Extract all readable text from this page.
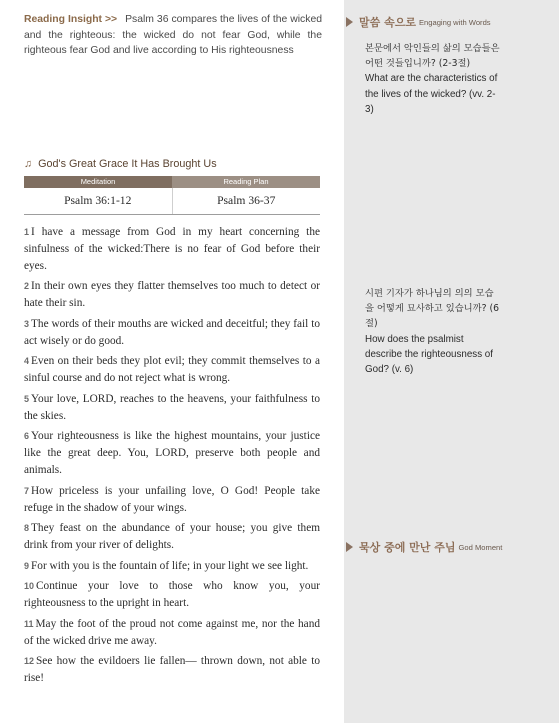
Reading Insight >> Psalm 36 compares the lives of the wicked and the righteous: the wicked do not fear God, while the righteous fear God and live according to His righteousness
♫ God's Great Grace It Has Brought Us
Meditation	Reading Plan
Psalm 36:1-12	Psalm 36-37

1 I have a message from God in my heart concerning the sinfulness of the wicked:There is no fear of God before their eyes.

2 In their own eyes they flatter themselves too much to detect or hate their sin.

3 The words of their mouths are wicked and deceitful; they fail to act wisely or do good.

4 Even on their beds they plot evil; they commit themselves to a sinful course and do not reject what is wrong.

5 Your love, LORD, reaches to the heavens, your faithfulness to the skies.

6 Your righteousness is like the highest mountains, your justice like the great deep. You, LORD, preserve both people and animals.

7 How priceless is your unfailing love, O God! People take refuge in the shadow of your wings.

8 They feast on the abundance of your house; you give them drink from your river of delights.

9 For with you is the fountain of life; in your light we see light.

10 Continue your love to those who know you, your righteousness to the upright in heart.

11 May the foot of the proud not come against me, nor the hand of the wicked drive me away.

12 See how the evildoers lie fallen— thrown down, not able to rise!

말씀 속으로 Engaging with Words
본문에서 악인들의 삶의 모습들은 어떤 것들입니까? (2-3절)
What are the characteristics of the lives of the wicked? (vv. 2-3)
시편 기자가 하나님의 의의 모습을 어떻게 묘사하고 있습니까? (6절)
How does the psalmist describe the righteousness of God? (v. 6)
묵상 중에 만난 주님 God Moment
